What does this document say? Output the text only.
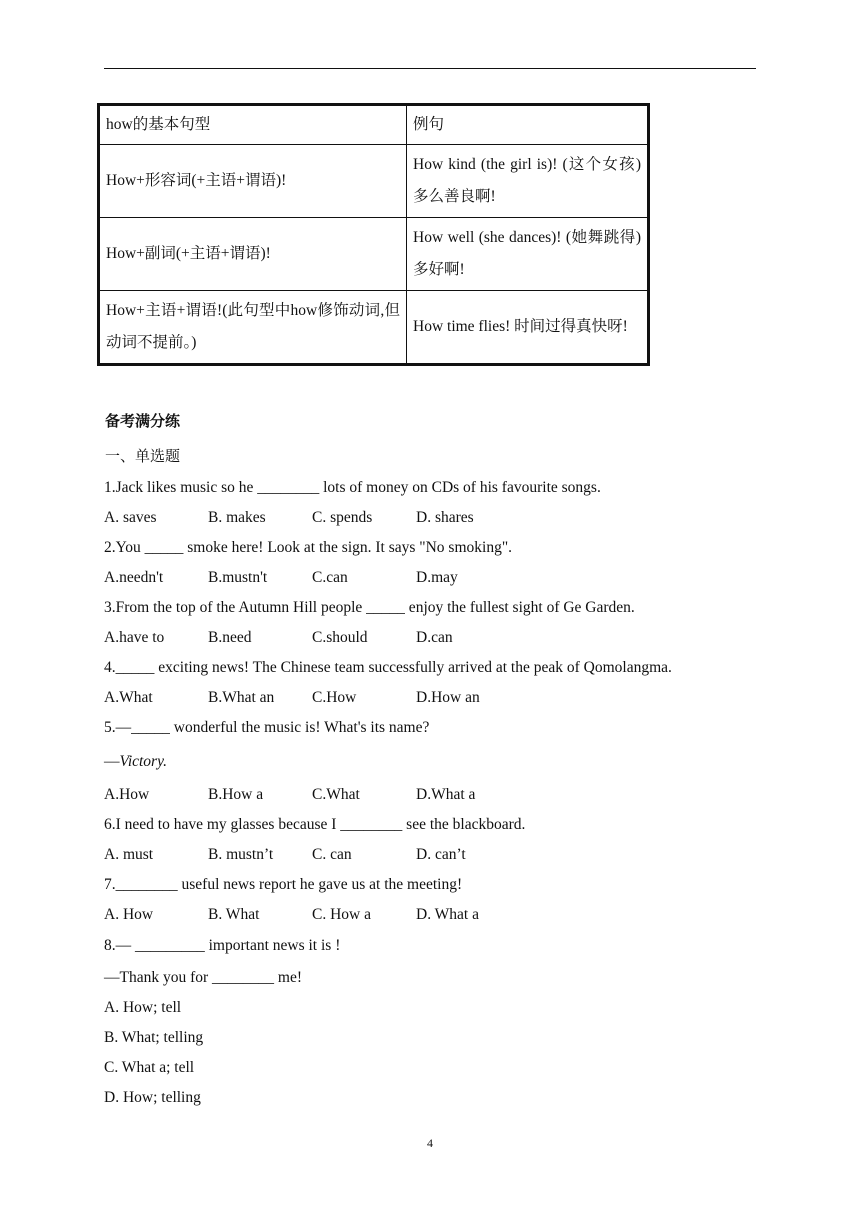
how的基本句型	例句
How+形容词(+主语+谓语)!	How kind (the girl is)! (这个女孩)多么善良啊!
How+副词(+主语+谓语)!	How well (she dances)! (她舞跳得)多好啊!
How+主语+谓语!(此句型中how修饰动词,但动词不提前。)	How time flies! 时间过得真快呀!
备考满分练
一、单选题
1.Jack likes music so he ________ lots of money on CDs of his favourite songs.
A. saves	B. makes	C. spends	D. shares
2.You _____ smoke here! Look at the sign. It says "No smoking".
A.needn't	B.mustn't	C.can	D.may
3.From the top of the Autumn Hill people _____ enjoy the fullest sight of Ge Garden.
A.have to	B.need	C.should	D.can
4._____ exciting news! The Chinese team successfully arrived at the peak of Qomolangma.
A.What	B.What an C.How	D.How an
5.—_____ wonderful the music is! What's its name?
—Victory.
A.How	B.How a	C.What	D.What a
6.I need to have my glasses because I ________ see the blackboard.
A. must	B. mustn’t	C. can	D. can’t
7.________ useful news report he gave us at the meeting!
A. How	B. What	C. How a	D. What a
8.— _________ important news it is !
—Thank you for ________ me!
A. How; tell
B. What; telling
C. What a; tell
D. How; telling
4
